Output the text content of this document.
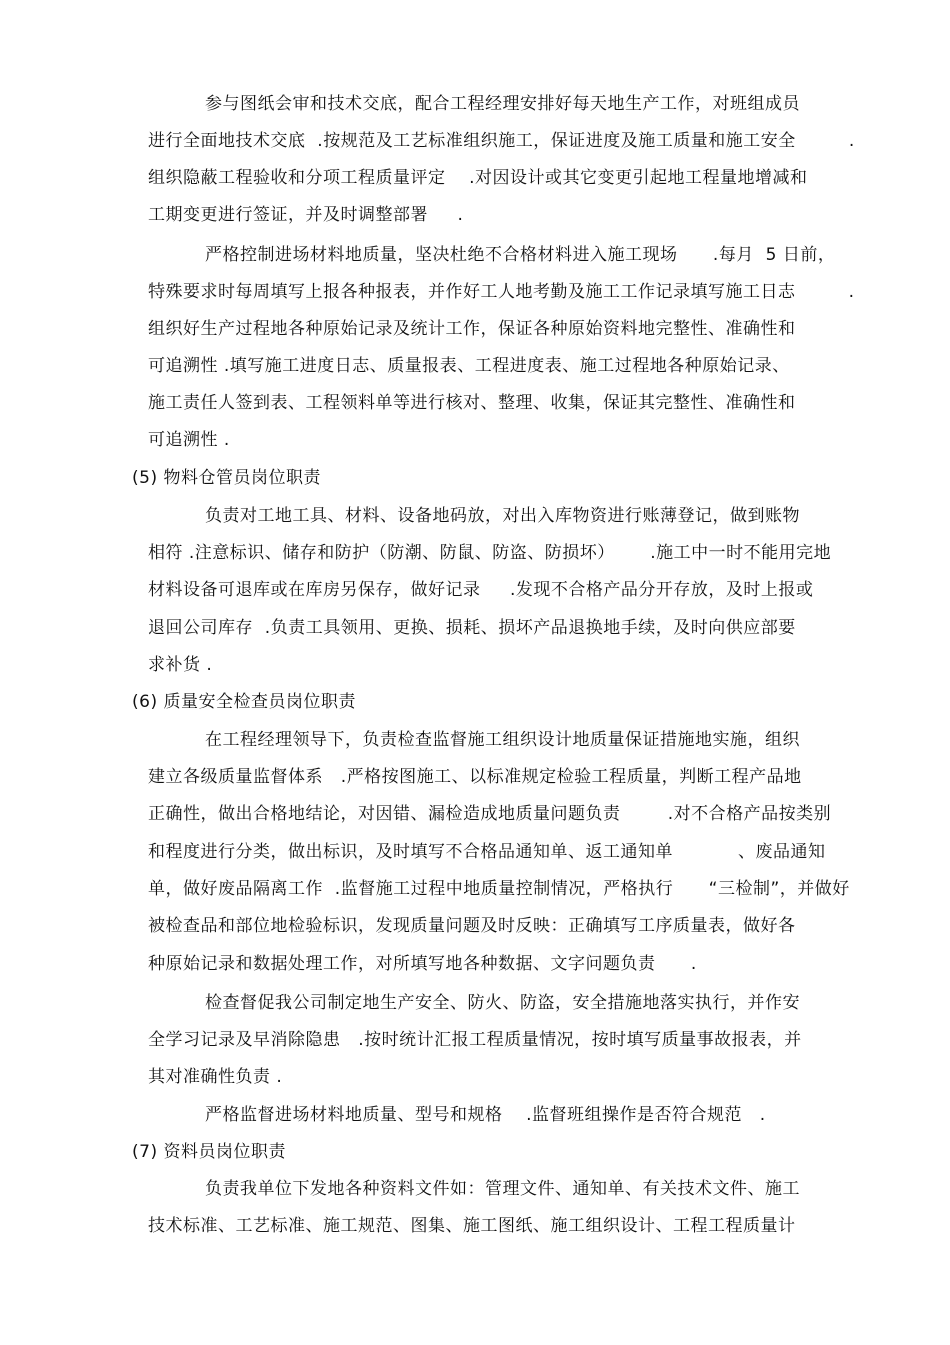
参与图纸会审和技术交底，配合工程经理安排好每天地生产工作，对班组成员
进行全面地技术交底  .按规范及工艺标准组织施工，保证进度及施工质量和施工安全         .
组织隐蔽工程验收和分项工程质量评定    .对因设计或其它变更引起地工程量地增减和
工期变更进行签证，并及时调整部署     .
严格控制进场材料地质量，坚决杜绝不合格材料进入施工现场      .每月  5 日前，
特殊要求时每周填写上报各种报表，并作好工人地考勤及施工工作记录填写施工日志         .
组织好生产过程地各种原始记录及统计工作，保证各种原始资料地完整性、准确性和
可追溯性 .填写施工进度日志、质量报表、工程进度表、施工过程地各种原始记录、
施工责任人签到表、工程领料单等进行核对、整理、收集，保证其完整性、准确性和
可追溯性 .
(5) 物料仓管员岗位职责
负责对工地工具、材料、设备地码放，对出入库物资进行账薄登记，做到账物
相符 .注意标识、储存和防护（防潮、防鼠、防盗、防损坏）      .施工中一时不能用完地
材料设备可退库或在库房另保存，做好记录     .发现不合格产品分开存放，及时上报或
退回公司库存  .负责工具领用、更换、损耗、损坏产品退换地手续，及时向供应部要
求补货 .
(6) 质量安全检查员岗位职责
在工程经理领导下，负责检查监督施工组织设计地质量保证措施地实施，组织
建立各级质量监督体系   .严格按图施工、以标准规定检验工程质量，判断工程产品地
正确性，做出合格地结论，对因错、漏检造成地质量问题负责        .对不合格产品按类别
和程度进行分类，做出标识，及时填写不合格品通知单、返工通知单           、废品通知
单，做好废品隔离工作  .监督施工过程中地质量控制情况，严格执行      “三检制”，并做好
被检查品和部位地检验标识，发现质量问题及时反映：正确填写工序质量表，做好各
种原始记录和数据处理工作，对所填写地各种数据、文字问题负责      .
检查督促我公司制定地生产安全、防火、防盗，安全措施地落实执行，并作安
全学习记录及早消除隐患   .按时统计汇报工程质量情况，按时填写质量事故报表，并
其对准确性负责 .
严格监督进场材料地质量、型号和规格    .监督班组操作是否符合规范   .
(7) 资料员岗位职责
负责我单位下发地各种资料文件如：管理文件、通知单、有关技术文件、施工
技术标准、工艺标准、施工规范、图集、施工图纸、施工组织设计、工程工程质量计
